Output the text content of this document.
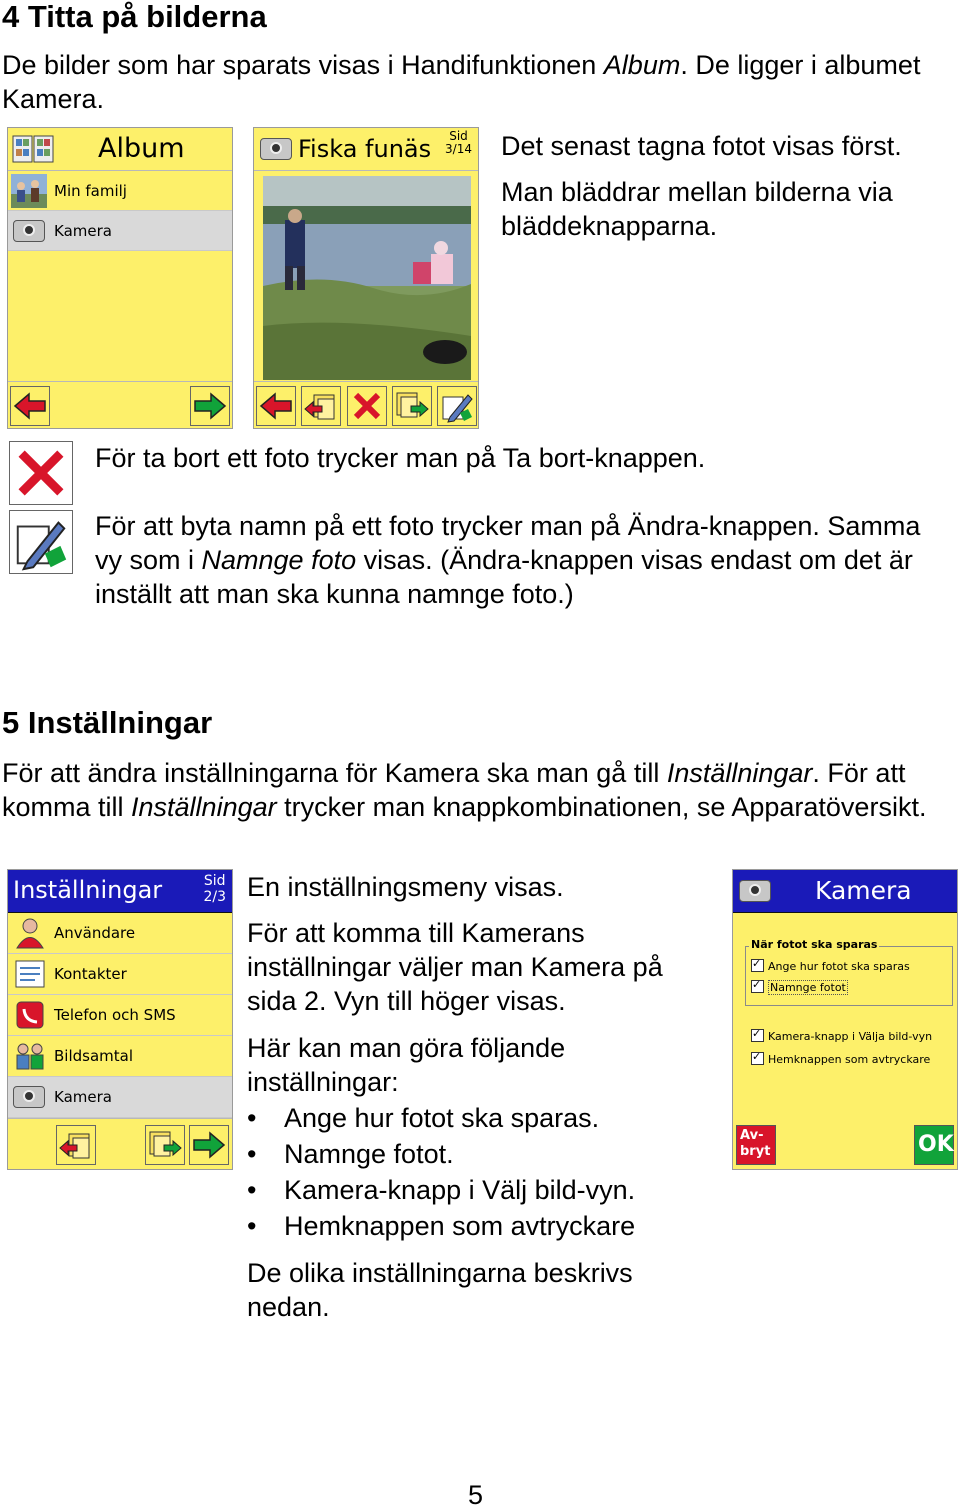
4 Titta på bilderna

De bilder som har sparats visas i Handifunktionen Album. De ligger i albumet Kamera.

Album
Min familj
Kamera
Fiska funäs	Sid
3/14 Det senast tagna fotot visas först.

Man bläddrar mellan bilderna via bläddeknapparna.

För ta bort ett foto trycker man på Ta bort-knappen.

För att byta namn på ett foto trycker man på Ändra-knappen. Samma vy som i Namnge foto visas. (Ändra-knappen visas endast om det är inställt att man ska kunna namnge foto.)

5 Inställningar

För att ändra inställningarna för Kamera ska man gå till Inställningar. För att komma till Inställningar trycker man knappkombinationen, se Apparatöversikt.

Inställningar	Sid
2/3
Användare
Kontakter
Telefon och SMS
Bildsamtal
Kamera

En inställningsmeny visas.

För att komma till Kamerans inställningar väljer man Kamera på sida 2. Vyn till höger visas.

Här kan man göra följande inställningar:

• Ange hur fotot ska sparas.
• Namnge fotot.
• Kamera-knapp i Välj bild-vyn.
• Hemknappen som avtryckare

De olika inställningarna beskrivs nedan.

Kamera
När fotot ska sparas
✓Ange hur fotot ska sparas
✓Namnge fotot
✓Kamera-knapp i Välja bild-vyn
✓Hemknappen som avtryckare
Av-
bryt	OK

5
